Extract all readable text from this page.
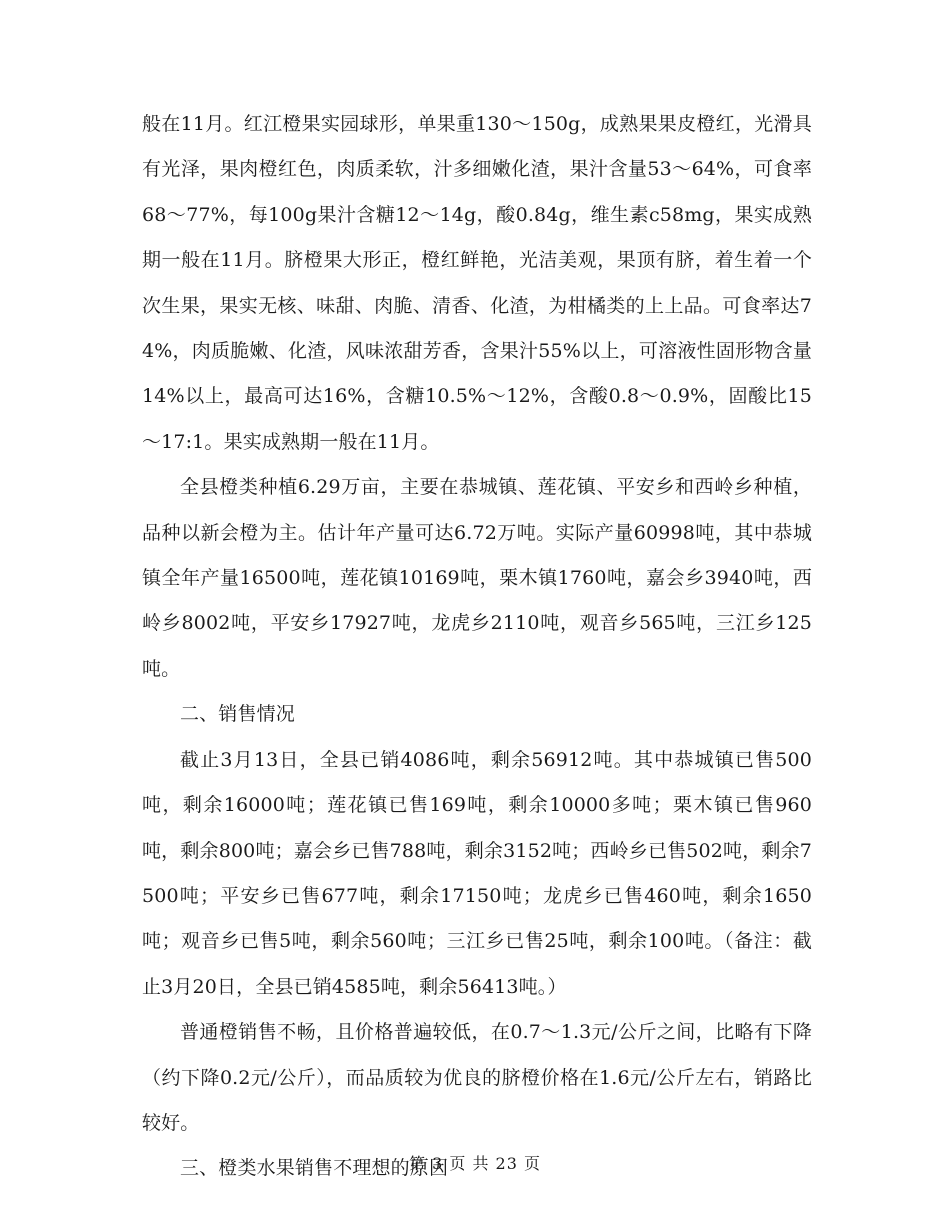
般在11月。红江橙果实园球形，单果重130～150g，成熟果果皮橙红，光滑具有光泽，果肉橙红色，肉质柔软，汁多细嫩化渣，果汁含量53～64%，可食率68～77%，每100g果汁含糖12～14g，酸0.84g，维生素c58mg，果实成熟期一般在11月。脐橙果大形正，橙红鲜艳，光洁美观，果顶有脐，着生着一个次生果，果实无核、味甜、肉脆、清香、化渣，为柑橘类的上上品。可食率达74%，肉质脆嫩、化渣，风味浓甜芳香，含果汁55%以上，可溶液性固形物含量14%以上，最高可达16%，含糖10.5%～12%，含酸0.8～0.9%，固酸比15～17:1。果实成熟期一般在11月。

全县橙类种植6.29万亩，主要在恭城镇、莲花镇、平安乡和西岭乡种植，品种以新会橙为主。估计年产量可达6.72万吨。实际产量60998吨，其中恭城镇全年产量16500吨，莲花镇10169吨，栗木镇1760吨，嘉会乡3940吨，西岭乡8002吨，平安乡17927吨，龙虎乡2110吨，观音乡565吨，三江乡125吨。

二、销售情况

截止3月13日，全县已销4086吨，剩余56912吨。其中恭城镇已售500吨，剩余16000吨；莲花镇已售169吨，剩余10000多吨；栗木镇已售960吨，剩余800吨；嘉会乡已售788吨，剩余3152吨；西岭乡已售502吨，剩余7500吨；平安乡已售677吨，剩余17150吨；龙虎乡已售460吨，剩余1650吨；观音乡已售5吨，剩余560吨；三江乡已售25吨，剩余100吨。（备注：截止3月20日，全县已销4585吨，剩余56413吨。）

普通橙销售不畅，且价格普遍较低，在0.7～1.3元/公斤之间，比略有下降（约下降0.2元/公斤），而品质较为优良的脐橙价格在1.6元/公斤左右，销路比较好。

三、橙类水果销售不理想的原因

第 3 页 共 23 页
